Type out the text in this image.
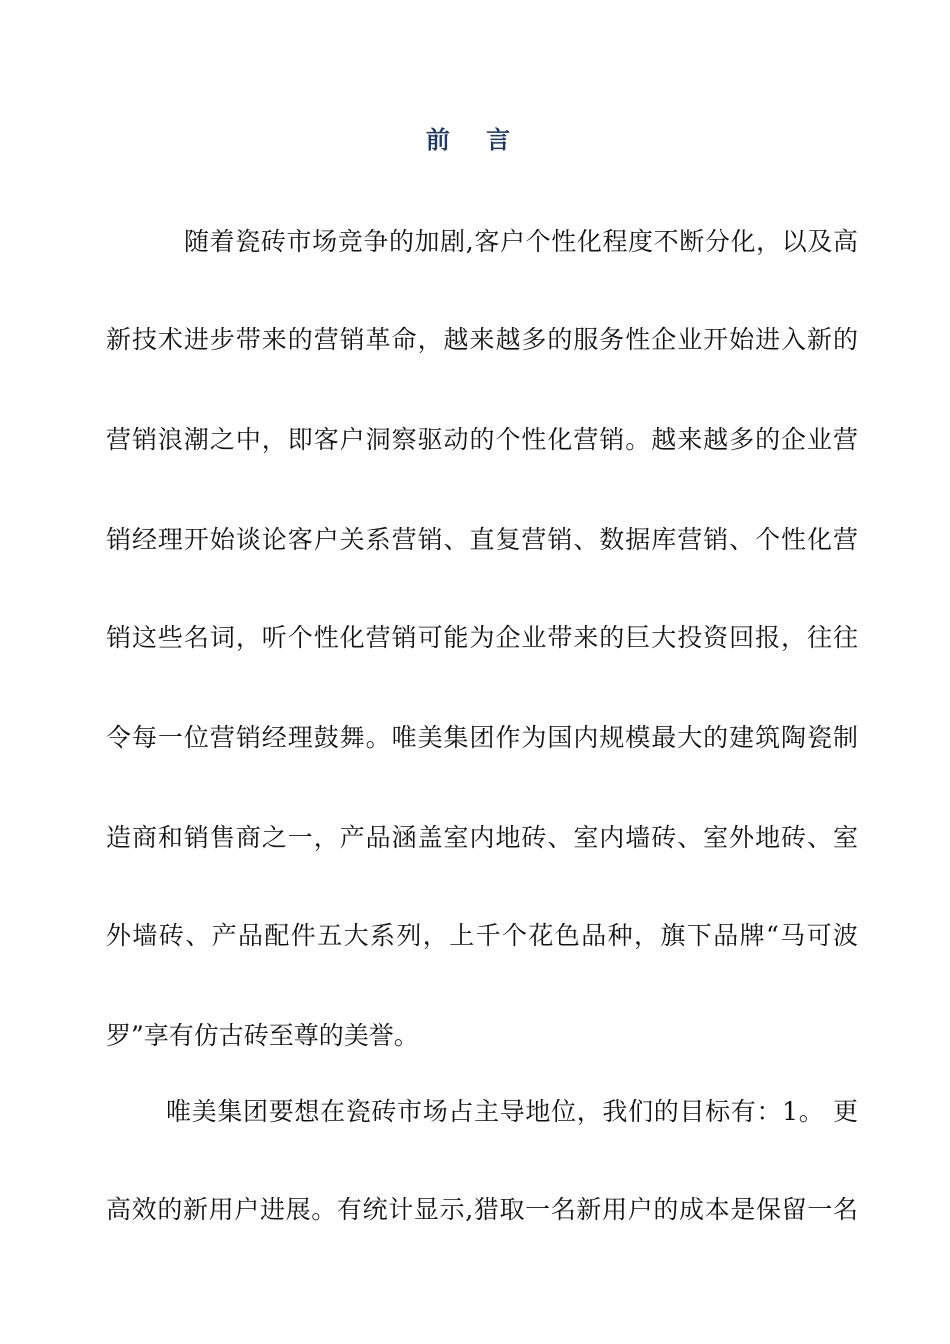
前 言
随着瓷砖市场竞争的加剧,客户个性化程度不断分化，以及高
新技术进步带来的营销革命，越来越多的服务性企业开始进入新的
营销浪潮之中，即客户洞察驱动的个性化营销。越来越多的企业营
销经理开始谈论客户关系营销、直复营销、数据库营销、个性化营
销这些名词，听个性化营销可能为企业带来的巨大投资回报，往往
令每一位营销经理鼓舞。唯美集团作为国内规模最大的建筑陶瓷制
造商和销售商之一，产品涵盖室内地砖、室内墙砖、室外地砖、室
外墙砖、产品配件五大系列，上千个花色品种，旗下品牌“马可波
罗”享有仿古砖至尊的美誉。
唯美集团要想在瓷砖市场占主导地位，我们的目标有：1。 更
高效的新用户进展。有统计显示,猎取一名新用户的成本是保留一名
